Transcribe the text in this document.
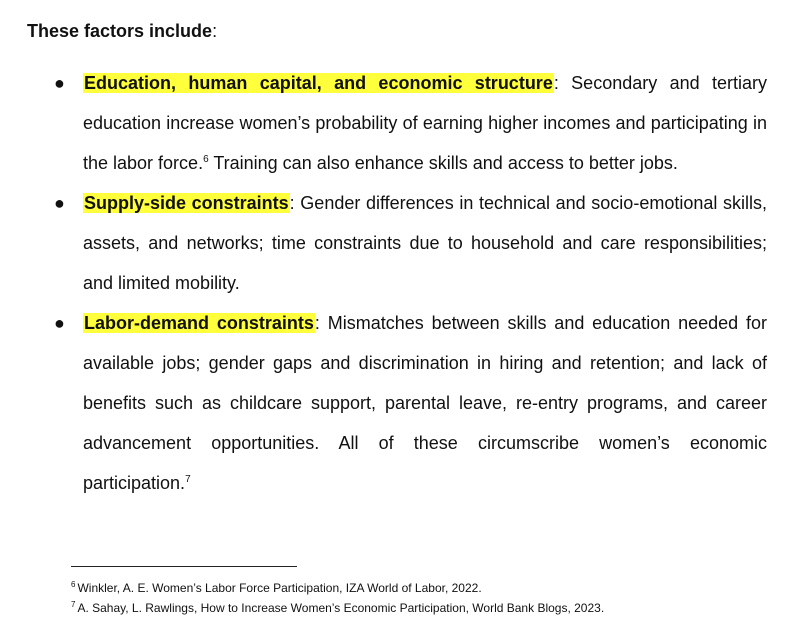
These factors include:
● Education, human capital, and economic structure: Secondary and tertiary education increase women’s probability of earning higher incomes and participating in the labor force.$^6$ Training can also enhance skills and access to better jobs.
● Supply-side constraints: Gender differences in technical and socio-emotional skills, assets, and networks; time constraints due to household and care responsibilities; and limited mobility.
● Labor-demand constraints: Mismatches between skills and education needed for available jobs; gender gaps and discrimination in hiring and retention; and lack of benefits such as childcare support, parental leave, re-entry programs, and career advancement opportunities. All of these circumscribe women’s economic participation.$^7$
$^6$ Winkler, A. E. Women’s Labor Force Participation, IZA World of Labor, 2022.
$^7$ A. Sahay, L. Rawlings, How to Increase Women’s Economic Participation, World Bank Blogs, 2023.
